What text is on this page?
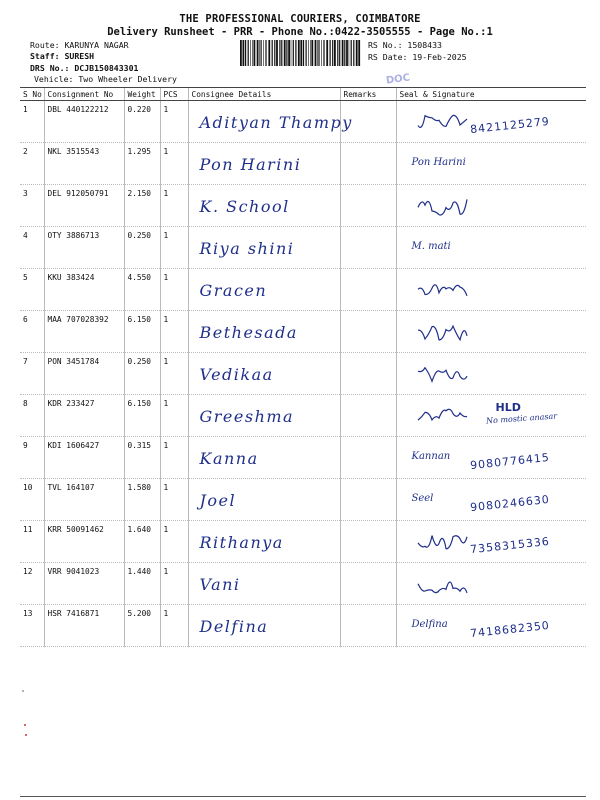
THE PROFESSIONAL COURIERS, COIMBATORE
Delivery Runsheet - PRR - Phone No.:0422-3505555 - Page No.:1
Route: KARUNYA NAGAR
Staff: SURESH
DRS No.: DCJB150843301
Vehicle: Two Wheeler Delivery
RS No.: 1508433
RS Date: 19-Feb-2025
DOC
S No	Consignment No	Weight	PCS	Consignee Details	Remarks	Seal & Signature
1	DBL 440122212	0.220	1	Adityan Thampy		8421125279

2	NKL 3515543	1.295	1	Pon Harini		Pon Harini

3	DEL 912050791	2.150	1	K. School

4	OTY 3886713	0.250	1	Riya shini		M. mati

5	KKU 383424	4.550	1	Gracen

6	MAA 707028392	6.150	1	Bethesada

7	PON 3451784	0.250	1	Vedikaa

8	KDR 233427	6.150	1	Greeshma		HLD
No mostic anasar

9	KDI 1606427	0.315	1	Kanna		Kannan 9080776415

10	TVL 164107	1.580	1	Joel		Seel 9080246630

11	KRR 50091462	1.640	1	Rithanya		7358315336

12	VRR 9041023	1.440	1	Vani

13	HSR 7416871	5.200	1	Delfina		Delfina 7418682350
